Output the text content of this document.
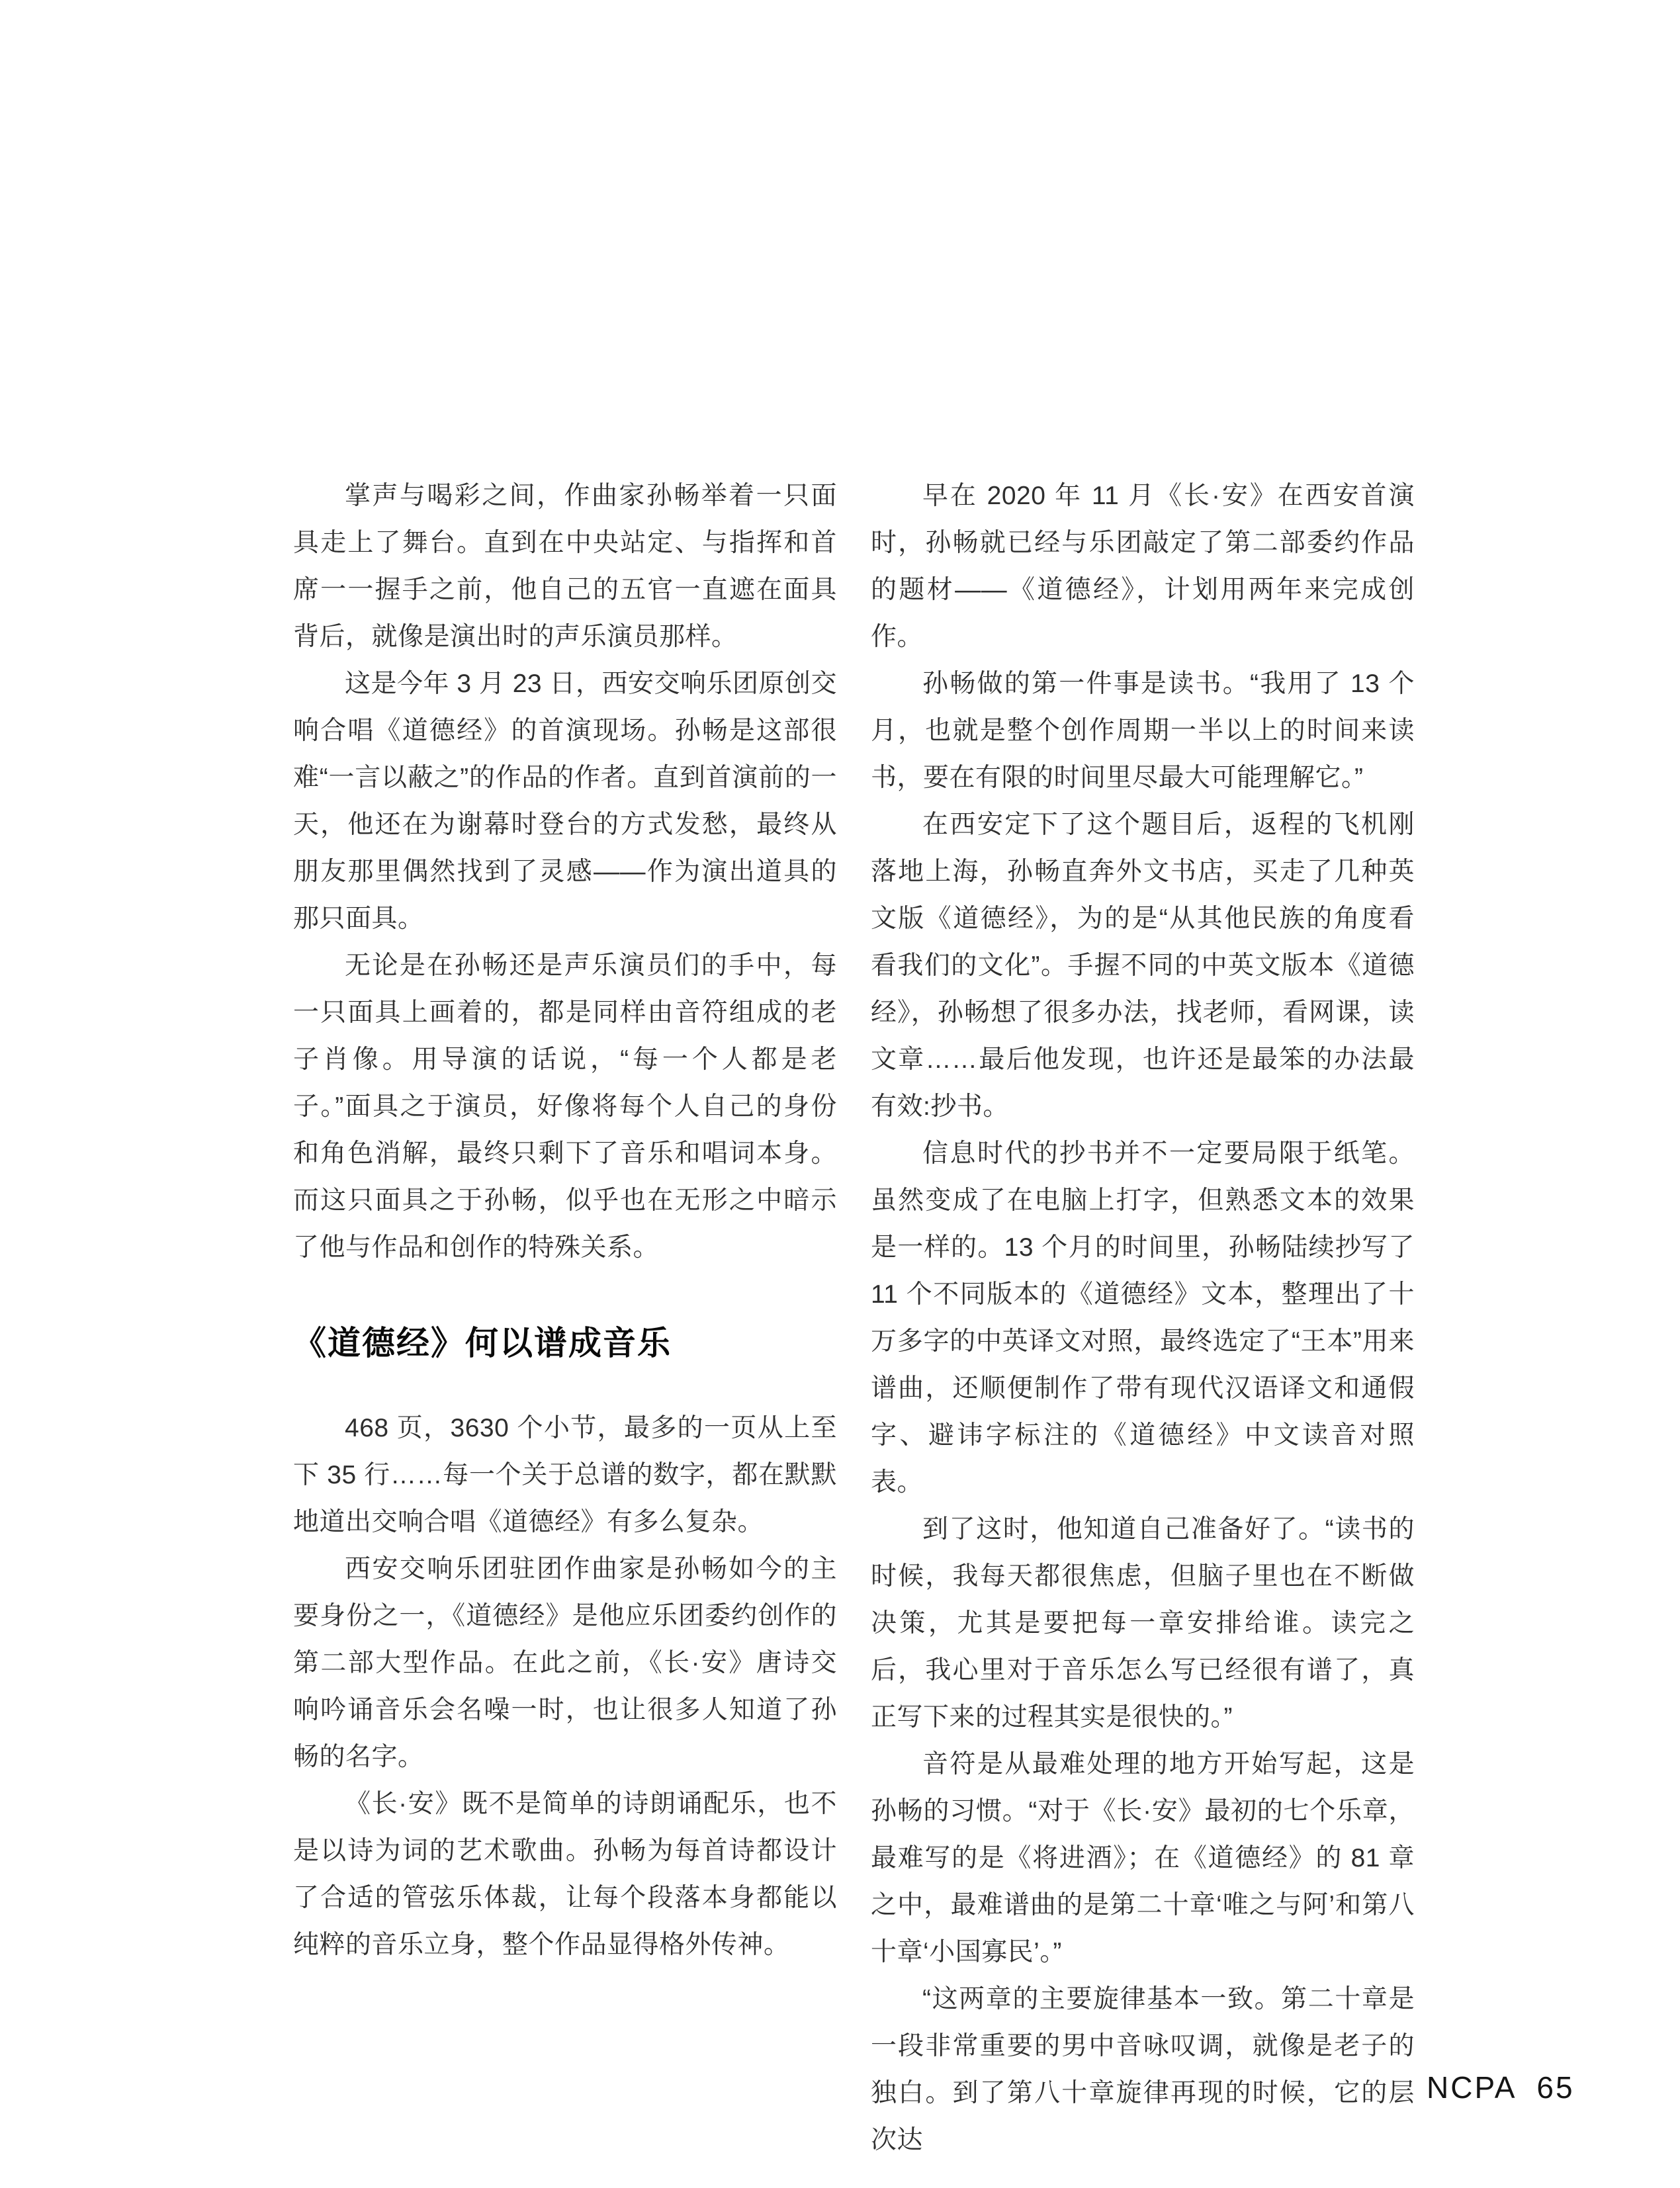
掌声与喝彩之间，作曲家孙畅举着一只面具走上了舞台。直到在中央站定、与指挥和首席一一握手之前，他自己的五官一直遮在面具背后，就像是演出时的声乐演员那样。

这是今年 3 月 23 日，西安交响乐团原创交响合唱《道德经》的首演现场。孙畅是这部很难“一言以蔽之”的作品的作者。直到首演前的一天，他还在为谢幕时登台的方式发愁，最终从朋友那里偶然找到了灵感——作为演出道具的那只面具。

无论是在孙畅还是声乐演员们的手中，每一只面具上画着的，都是同样由音符组成的老子肖像。用导演的话说，“每一个人都是老子。”面具之于演员，好像将每个人自己的身份和角色消解，最终只剩下了音乐和唱词本身。而这只面具之于孙畅，似乎也在无形之中暗示了他与作品和创作的特殊关系。

《道德经》何以谱成音乐

468 页，3630 个小节，最多的一页从上至下 35 行……每一个关于总谱的数字，都在默默地道出交响合唱《道德经》有多么复杂。

西安交响乐团驻团作曲家是孙畅如今的主要身份之一，《道德经》是他应乐团委约创作的第二部大型作品。在此之前，《长·安》唐诗交响吟诵音乐会名噪一时，也让很多人知道了孙畅的名字。

《长·安》既不是简单的诗朗诵配乐，也不是以诗为词的艺术歌曲。孙畅为每首诗都设计了合适的管弦乐体裁，让每个段落本身都能以纯粹的音乐立身，整个作品显得格外传神。

早在 2020 年 11 月《长·安》在西安首演时，孙畅就已经与乐团敲定了第二部委约作品的题材——《道德经》，计划用两年来完成创作。

孙畅做的第一件事是读书。“我用了 13 个月，也就是整个创作周期一半以上的时间来读书，要在有限的时间里尽最大可能理解它。”

在西安定下了这个题目后，返程的飞机刚落地上海，孙畅直奔外文书店，买走了几种英文版《道德经》，为的是“从其他民族的角度看看我们的文化”。手握不同的中英文版本《道德经》，孙畅想了很多办法，找老师，看网课，读文章……最后他发现，也许还是最笨的办法最有效:抄书。

信息时代的抄书并不一定要局限于纸笔。虽然变成了在电脑上打字，但熟悉文本的效果是一样的。13 个月的时间里，孙畅陆续抄写了 11 个不同版本的《道德经》文本，整理出了十万多字的中英译文对照，最终选定了“王本”用来谱曲，还顺便制作了带有现代汉语译文和通假字、避讳字标注的《道德经》中文读音对照表。

到了这时，他知道自己准备好了。“读书的时候，我每天都很焦虑，但脑子里也在不断做决策，尤其是要把每一章安排给谁。读完之后，我心里对于音乐怎么写已经很有谱了，真正写下来的过程其实是很快的。”

音符是从最难处理的地方开始写起，这是孙畅的习惯。“对于《长·安》最初的七个乐章，最难写的是《将进酒》；在《道德经》的 81 章之中，最难谱曲的是第二十章‘唯之与阿’和第八十章‘小国寡民’。”

“这两章的主要旋律基本一致。第二十章是一段非常重要的男中音咏叹调，就像是老子的独白。到了第八十章旋律再现的时候，它的层次达

NCPA 65
